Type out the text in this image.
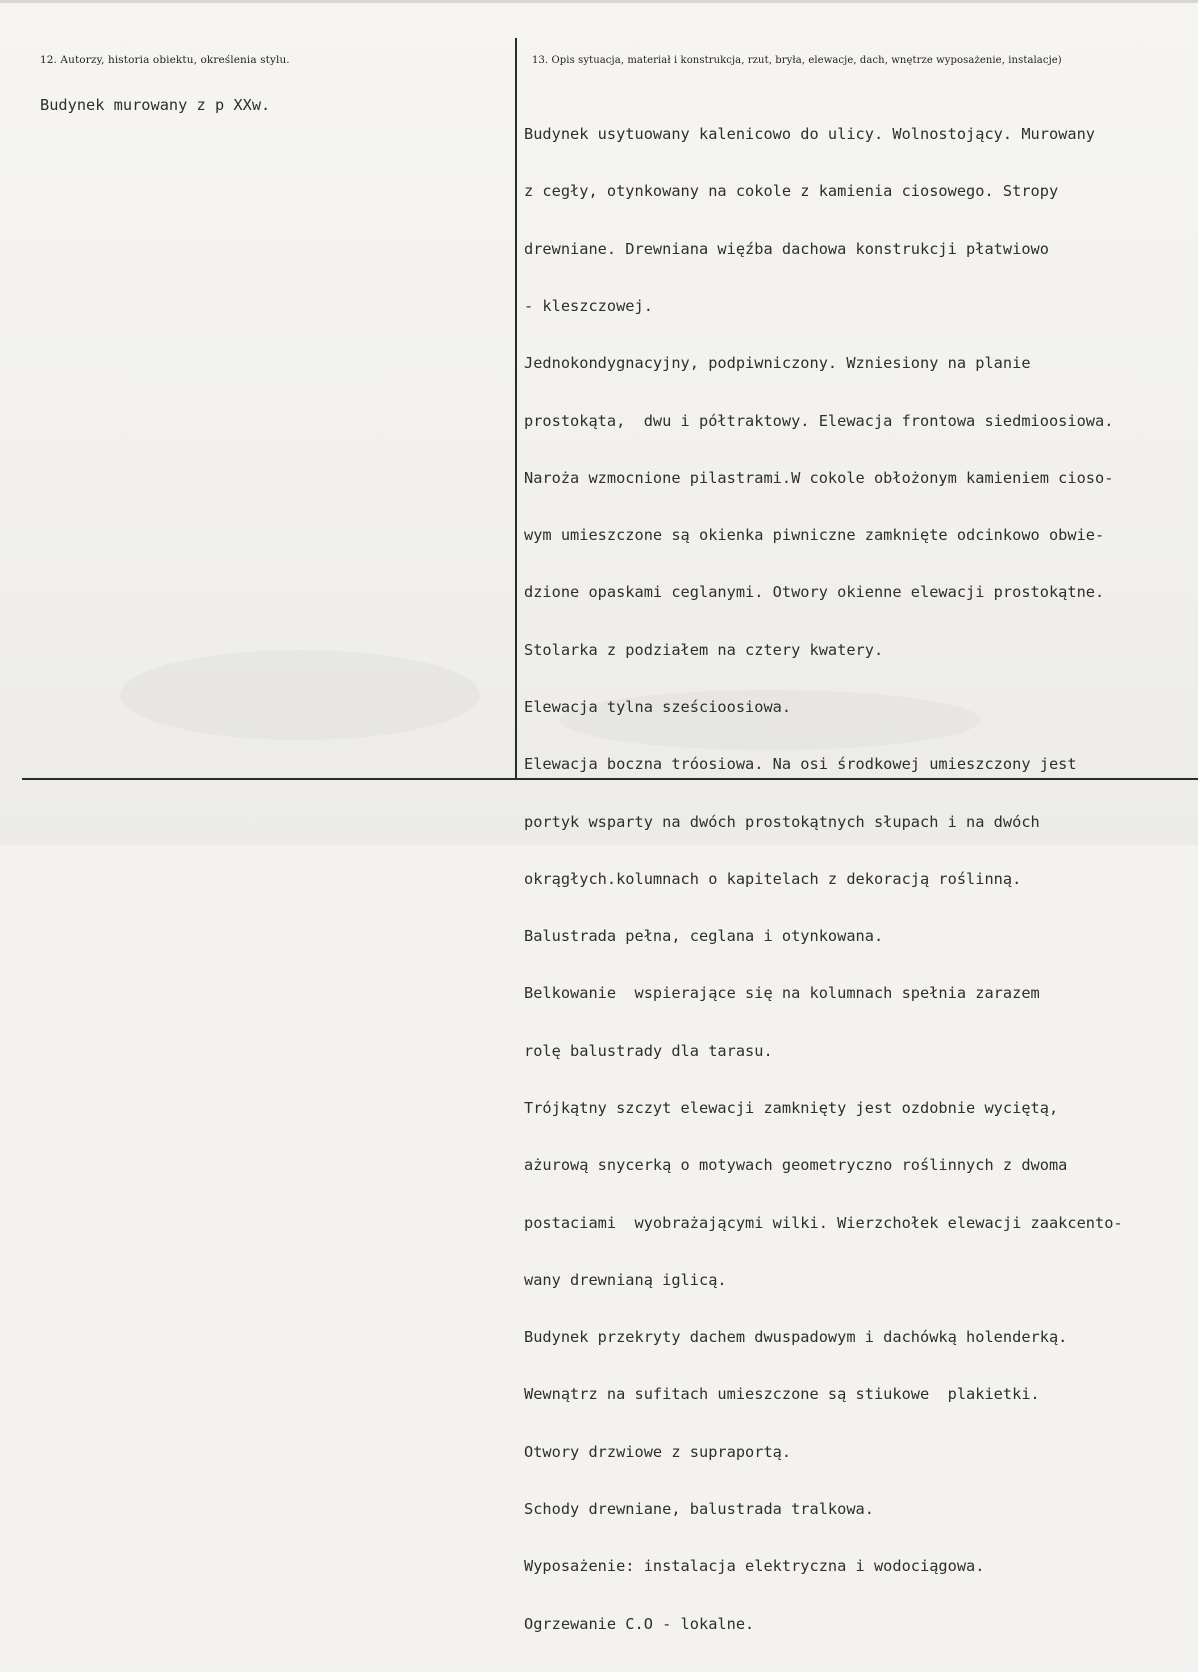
12. Autorzy, historia obiektu, określenia stylu.
Budynek murowany z p XXw.
13. Opis sytuacja, materiał i konstrukcja, rzut, bryła, elewacje, dach, wnętrze wyposażenie, instalacje)

Budynek usytuowany kalenicowo do ulicy. Wolnostojący. Murowany

z cegły, otynkowany na cokole z kamienia ciosowego. Stropy

drewniane. Drewniana więźba dachowa konstrukcji płatwiowo

- kleszczowej.

Jednokondygnacyjny, podpiwniczony. Wzniesiony na planie

prostokąta,  dwu i półtraktowy. Elewacja frontowa siedmioosiowa.

Naroża wzmocnione pilastrami.W cokole obłożonym kamieniem cioso-

wym umieszczone są okienka piwniczne zamknięte odcinkowo obwie-

dzione opaskami ceglanymi. Otwory okienne elewacji prostokątne.

Stolarka z podziałem na cztery kwatery.

Elewacja tylna sześcioosiowa.

Elewacja boczna tróosiowa. Na osi środkowej umieszczony jest

portyk wsparty na dwóch prostokątnych słupach i na dwóch

okrągłych.kolumnach o kapitelach z dekoracją roślinną.

Balustrada pełna, ceglana i otynkowana.

Belkowanie  wspierające się na kolumnach spełnia zarazem

rolę balustrady dla tarasu.

Trójkątny szczyt elewacji zamknięty jest ozdobnie wyciętą,

ażurową snycerką o motywach geometryczno roślinnych z dwoma

postaciami  wyobrażającymi wilki. Wierzchołek elewacji zaakcento-

wany drewnianą iglicą.

Budynek przekryty dachem dwuspadowym i dachówką holenderką.

Wewnątrz na sufitach umieszczone są stiukowe  plakietki.

Otwory drzwiowe z supraportą.

Schody drewniane, balustrada tralkowa.

Wyposażenie: instalacja elektryczna i wodociągowa.

Ogrzewanie C.O - lokalne.
